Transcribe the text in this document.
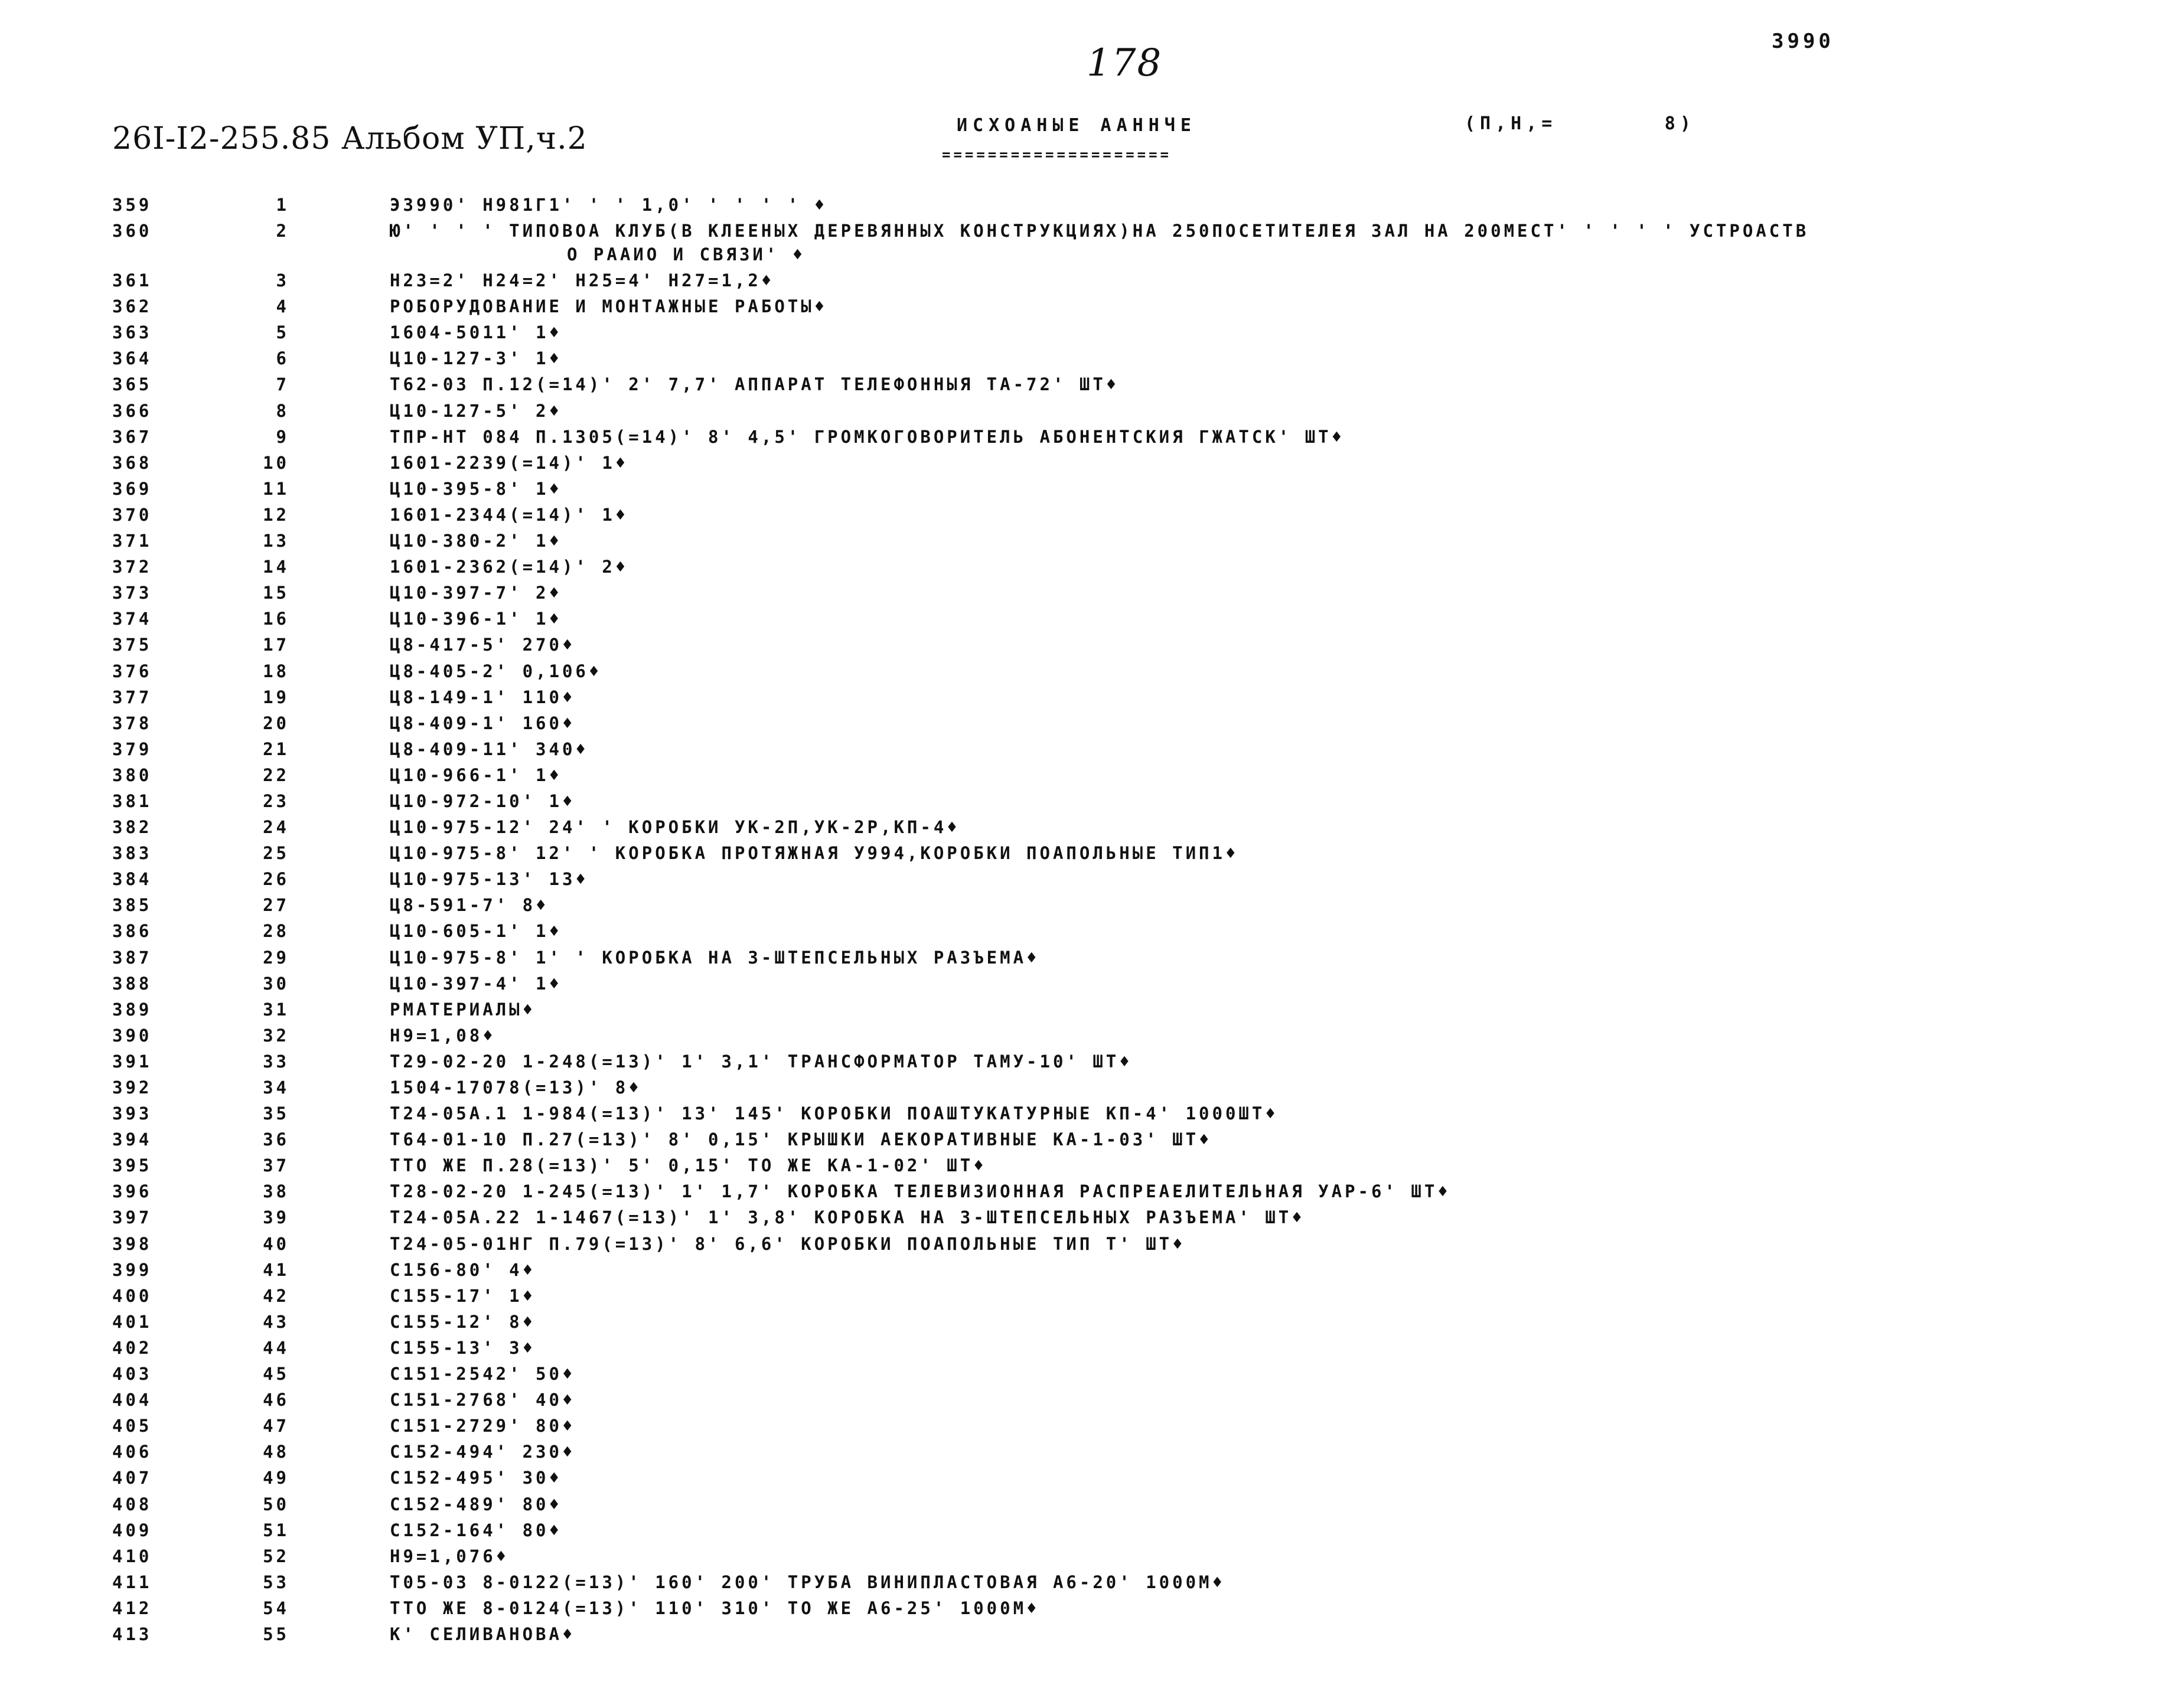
178	3990
26I-I2-255.85 Альбом УП,ч.2	ИСХОАНЫЕ ААННЧЕ
====================
(П,Н,=       8)
359	1	Э3990' Н981Г1' ' ' 1,0' ' ' ' ' ♦
360	2	Ю' ' ' ' ТИПОВОА КЛУБ(В КЛЕЕНЫХ ДЕРЕВЯННЫХ КОНСТРУКЦИЯХ)НА 250ПОСЕТИТЕЛЕЯ ЗАЛ НА 200МЕСТ' ' ' ' ' УСТРОАСТВ
О РААИО И СВЯЗИ' ♦
361	3	Н23=2' Н24=2' Н25=4' Н27=1,2♦
362	4	РОБОРУДОВАНИЕ И МОНТАЖНЫЕ РАБОТЫ♦
363	5	1604-5011' 1♦
364	6	Ц10-127-3' 1♦
365	7	Т62-03 П.12(=14)' 2' 7,7' АППАРАТ ТЕЛЕФОННЫЯ ТА-72' ШТ♦
366	8	Ц10-127-5' 2♦
367	9	ТПР-НТ 084 П.1305(=14)' 8' 4,5' ГРОМКОГОВОРИТЕЛЬ АБОНЕНТСКИЯ ГЖАТСК' ШТ♦
368	10	1601-2239(=14)' 1♦
369	11	Ц10-395-8' 1♦
370	12	1601-2344(=14)' 1♦
371	13	Ц10-380-2' 1♦
372	14	1601-2362(=14)' 2♦
373	15	Ц10-397-7' 2♦
374	16	Ц10-396-1' 1♦
375	17	Ц8-417-5' 270♦
376	18	Ц8-405-2' 0,106♦
377	19	Ц8-149-1' 110♦
378	20	Ц8-409-1' 160♦
379	21	Ц8-409-11' 340♦
380	22	Ц10-966-1' 1♦
381	23	Ц10-972-10' 1♦
382	24	Ц10-975-12' 24' ' КОРОБКИ УК-2П,УК-2Р,КП-4♦
383	25	Ц10-975-8' 12' ' КОРОБКА ПРОТЯЖНАЯ У994,КОРОБКИ ПОАПОЛЬНЫЕ ТИП1♦
384	26	Ц10-975-13' 13♦
385	27	Ц8-591-7' 8♦
386	28	Ц10-605-1' 1♦
387	29	Ц10-975-8' 1' ' КОРОБКА НА 3-ШТЕПСЕЛЬНЫХ РАЗЪЕМА♦
388	30	Ц10-397-4' 1♦
389	31	РМАТЕРИАЛЫ♦
390	32	Н9=1,08♦
391	33	Т29-02-20 1-248(=13)' 1' 3,1' ТРАНСФОРМАТОР ТАМУ-10' ШТ♦
392	34	1504-17078(=13)' 8♦
393	35	Т24-05А.1 1-984(=13)' 13' 145' КОРОБКИ ПОАШТУКАТУРНЫЕ КП-4' 1000ШТ♦
394	36	Т64-01-10 П.27(=13)' 8' 0,15' КРЫШКИ АЕКОРАТИВНЫЕ КА-1-03' ШТ♦
395	37	ТТО ЖЕ П.28(=13)' 5' 0,15' ТО ЖЕ КА-1-02' ШТ♦
396	38	Т28-02-20 1-245(=13)' 1' 1,7' КОРОБКА ТЕЛЕВИЗИОННАЯ РАСПРЕАЕЛИТЕЛЬНАЯ УАР-6' ШТ♦
397	39	Т24-05А.22 1-1467(=13)' 1' 3,8' КОРОБКА НА 3-ШТЕПСЕЛЬНЫХ РАЗЪЕМА' ШТ♦
398	40	Т24-05-01НГ П.79(=13)' 8' 6,6' КОРОБКИ ПОАПОЛЬНЫЕ ТИП Т' ШТ♦
399	41	С156-80' 4♦
400	42	С155-17' 1♦
401	43	С155-12' 8♦
402	44	С155-13' 3♦
403	45	С151-2542' 50♦
404	46	С151-2768' 40♦
405	47	С151-2729' 80♦
406	48	С152-494' 230♦
407	49	С152-495' 30♦
408	50	С152-489' 80♦
409	51	С152-164' 80♦
410	52	Н9=1,076♦
411	53	Т05-03 8-0122(=13)' 160' 200' ТРУБА ВИНИПЛАСТОВАЯ А6-20' 1000М♦
412	54	ТТО ЖЕ 8-0124(=13)' 110' 310' ТО ЖЕ А6-25' 1000М♦
413	55	К' СЕЛИВАНОВА♦
